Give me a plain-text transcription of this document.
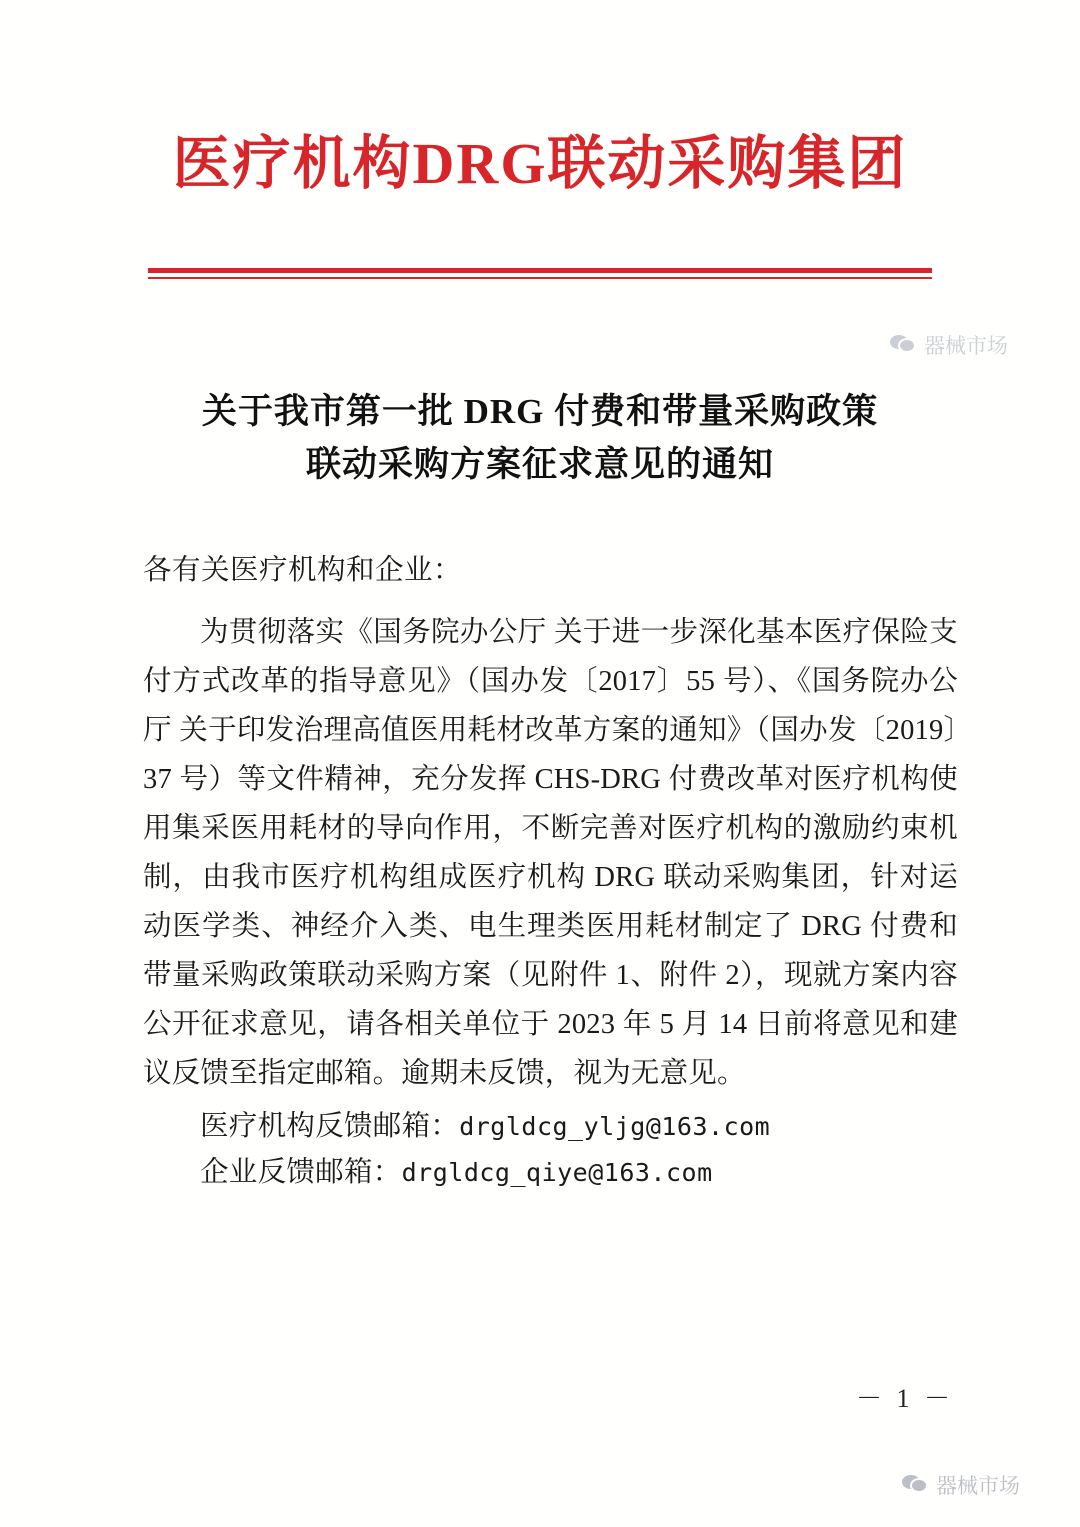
医疗机构DRG联动采购集团
关于我市第一批 DRG 付费和带量采购政策
联动采购方案征求意见的通知
各有关医疗机构和企业：
为贯彻落实《国务院办公厅 关于进一步深化基本医疗保险支付方式改革的指导意见》（国办发〔2017〕55 号）、《国务院办公厅 关于印发治理高值医用耗材改革方案的通知》（国办发〔2019〕37 号）等文件精神，充分发挥 CHS-DRG 付费改革对医疗机构使用集采医用耗材的导向作用，不断完善对医疗机构的激励约束机制，由我市医疗机构组成医疗机构 DRG 联动采购集团，针对运动医学类、神经介入类、电生理类医用耗材制定了 DRG 付费和带量采购政策联动采购方案（见附件 1、附件 2），现就方案内容公开征求意见，请各相关单位于 2023 年 5 月 14 日前将意见和建议反馈至指定邮箱。逾期未反馈，视为无意见。
医疗机构反馈邮箱：drgldcg_yljg@163.com
企业反馈邮箱：drgldcg_qiye@163.com
－ 1 －
器械市场
器械市场
